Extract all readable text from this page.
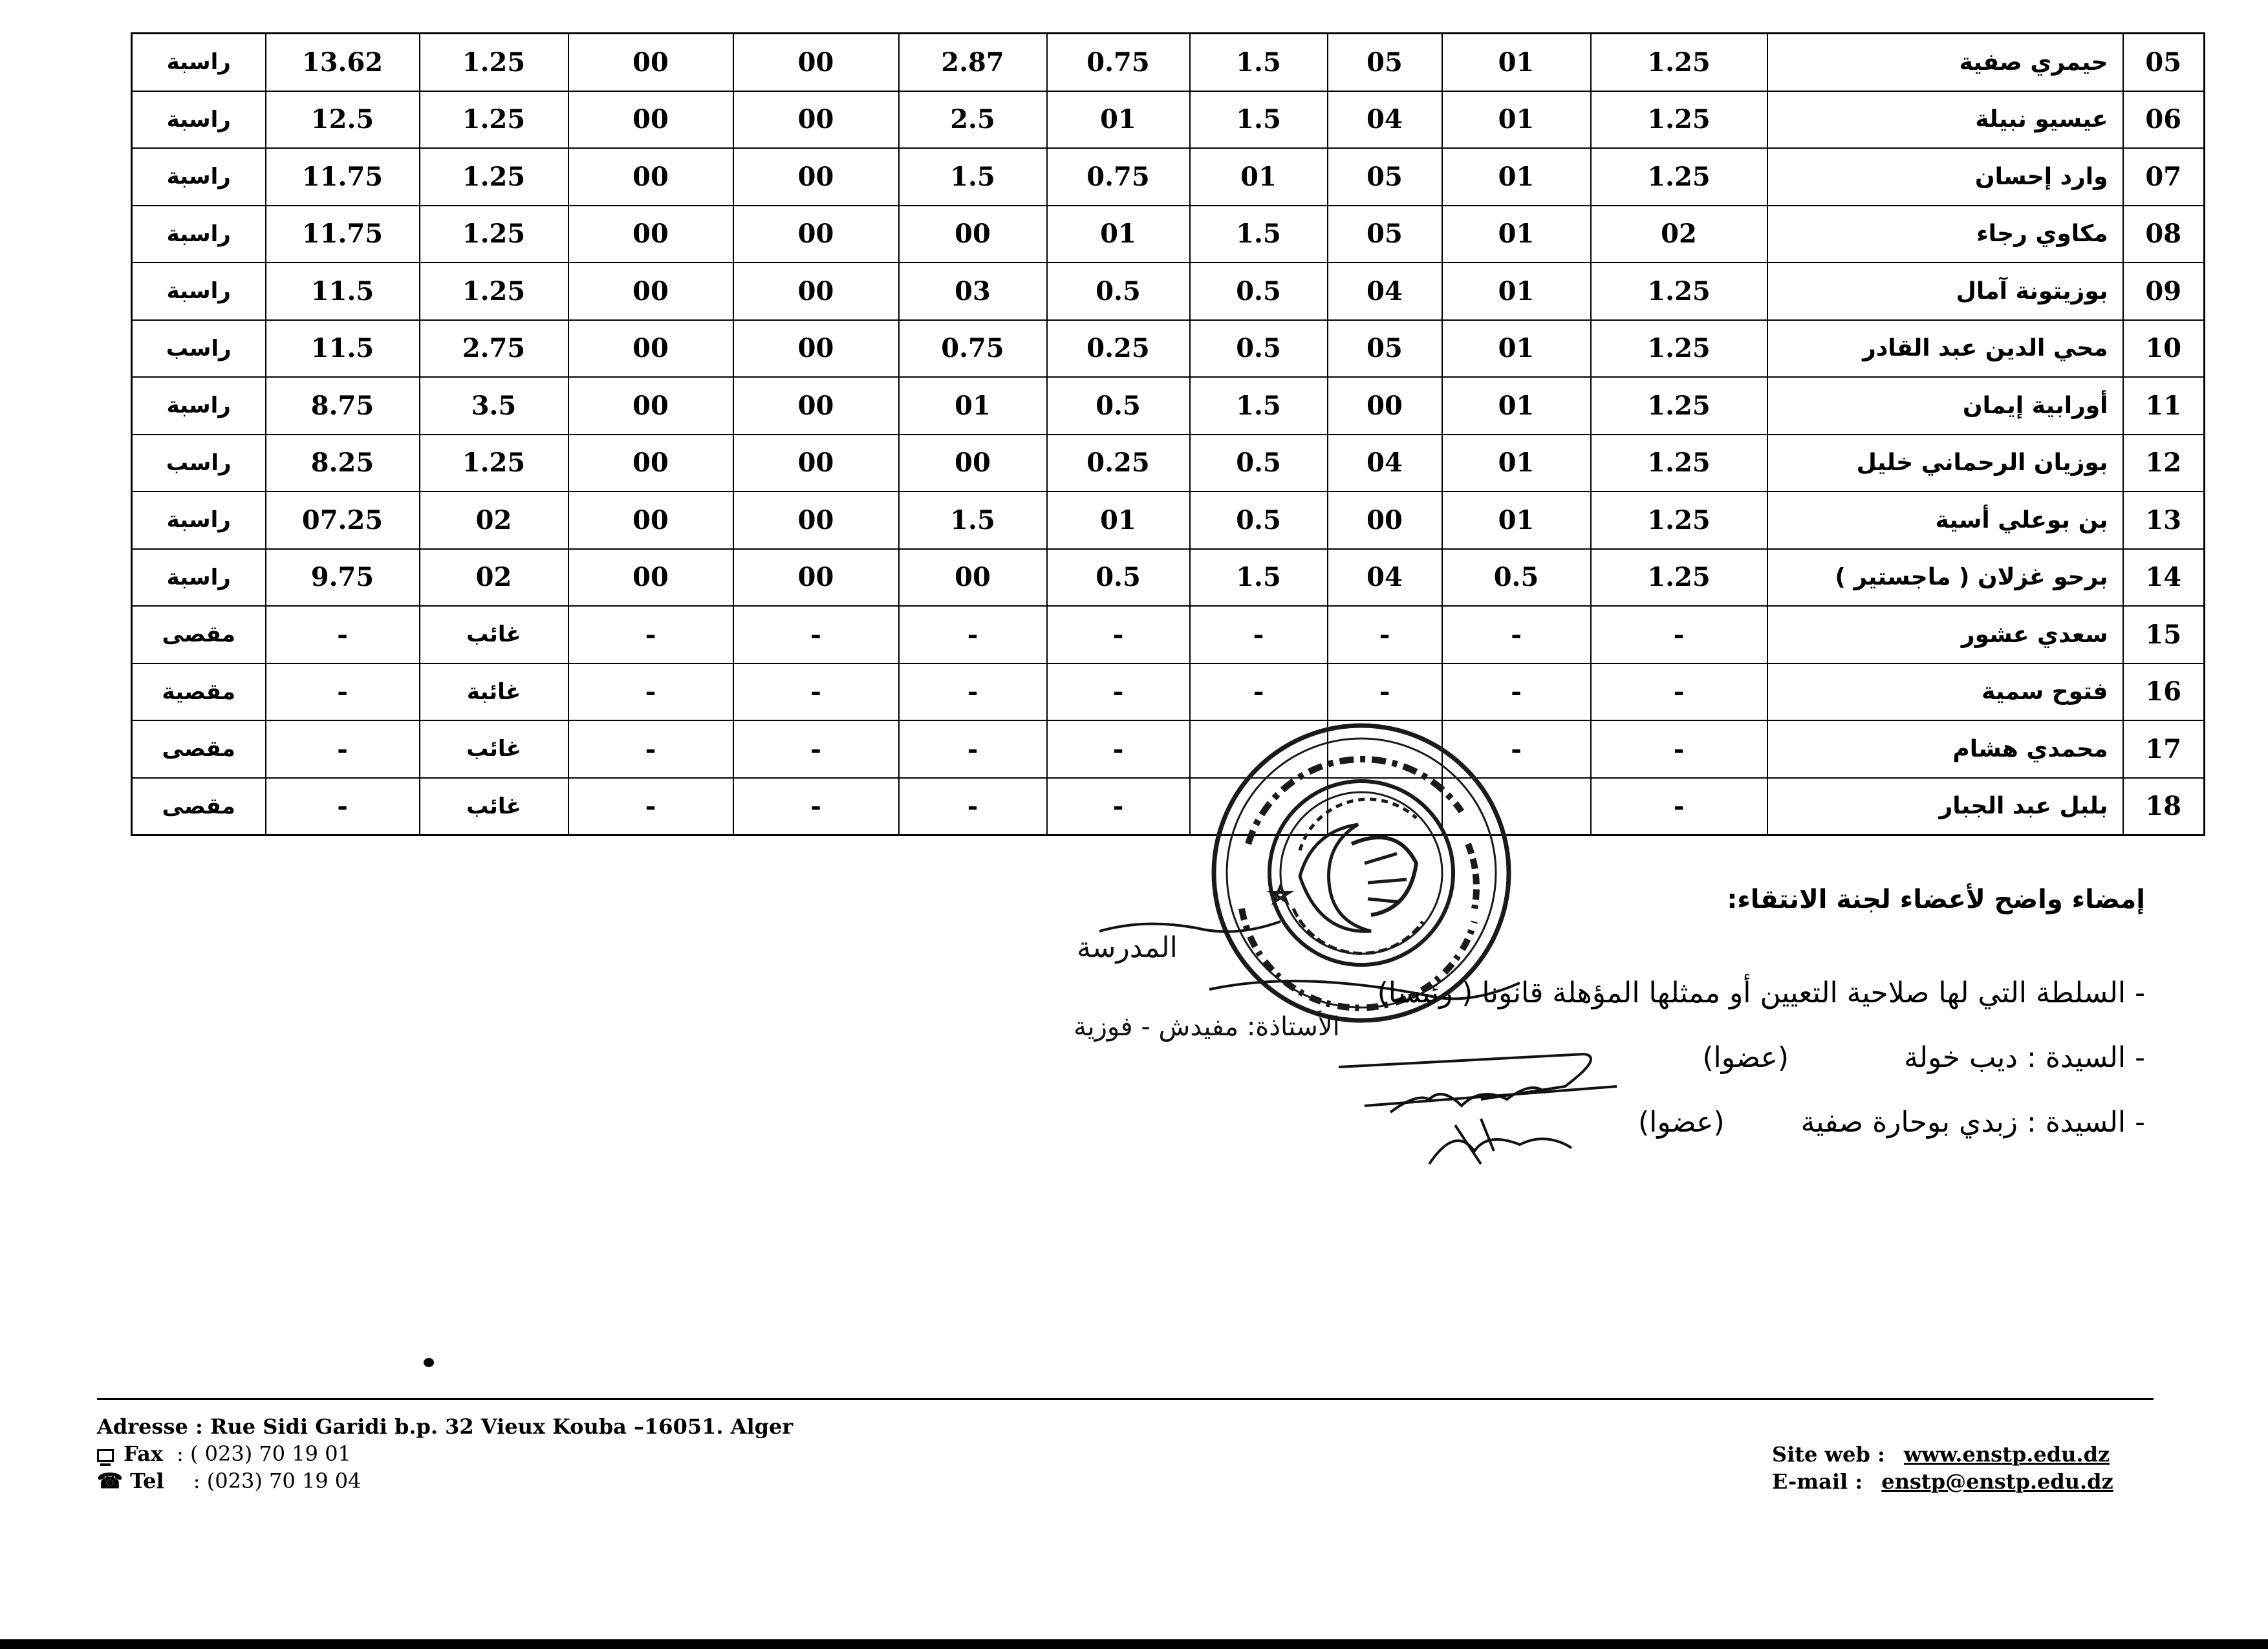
راسبة	13.62	1.25	00	00	2.87	0.75	1.5	05	01	1.25	حيمري صفية	05
راسبة	12.5	1.25	00	00	2.5	01	1.5	04	01	1.25	عيسيو نبيلة	06
راسبة	11.75	1.25	00	00	1.5	0.75	01	05	01	1.25	وارد إحسان	07
راسبة	11.75	1.25	00	00	00	01	1.5	05	01	02	مكاوي رجاء	08
راسبة	11.5	1.25	00	00	03	0.5	0.5	04	01	1.25	بوزيتونة آمال	09
راسب	11.5	2.75	00	00	0.75	0.25	0.5	05	01	1.25	محي الدين عبد القادر	10
راسبة	8.75	3.5	00	00	01	0.5	1.5	00	01	1.25	أورابية إيمان	11
راسب	8.25	1.25	00	00	00	0.25	0.5	04	01	1.25	بوزيان الرحماني خليل	12
راسبة	07.25	02	00	00	1.5	01	0.5	00	01	1.25	بن بوعلي أسية	13
راسبة	9.75	02	00	00	00	0.5	1.5	04	0.5	1.25	برحو غزلان ( ماجستير )	14
مقصى	-	غائب	-	-	-	-	-	-	-	-	سعدي عشور	15
مقصية	-	غائبة	-	-	-	-	-	-	-	-	فتوح سمية	16
مقصى	-	غائب	-	-	-	-			-	-	محمدي هشام	17
مقصى	-	غائب	-	-	-	-				-	بلبل عبد الجبار	18
المدرسة
الأستاذة: مفيدش - فوزية
إمضاء واضح لأعضاء لجنة الانتقاء:
- السلطة التي لها صلاحية التعيين أو ممثلها المؤهلة قانونا ( رئيسا)
- السيدة : ديب خولة  (عضوا)
- السيدة : زبدي بوحارة صفية  (عضوا)
Adresse : Rue Sidi Garidi b.p. 32 Vieux Kouba –16051. Alger
Fax : ( 023) 70 19 01
☎ Tel : (023) 70 19 04
Site web : www.enstp.edu.dz
E-mail : enstp@enstp.edu.dz
